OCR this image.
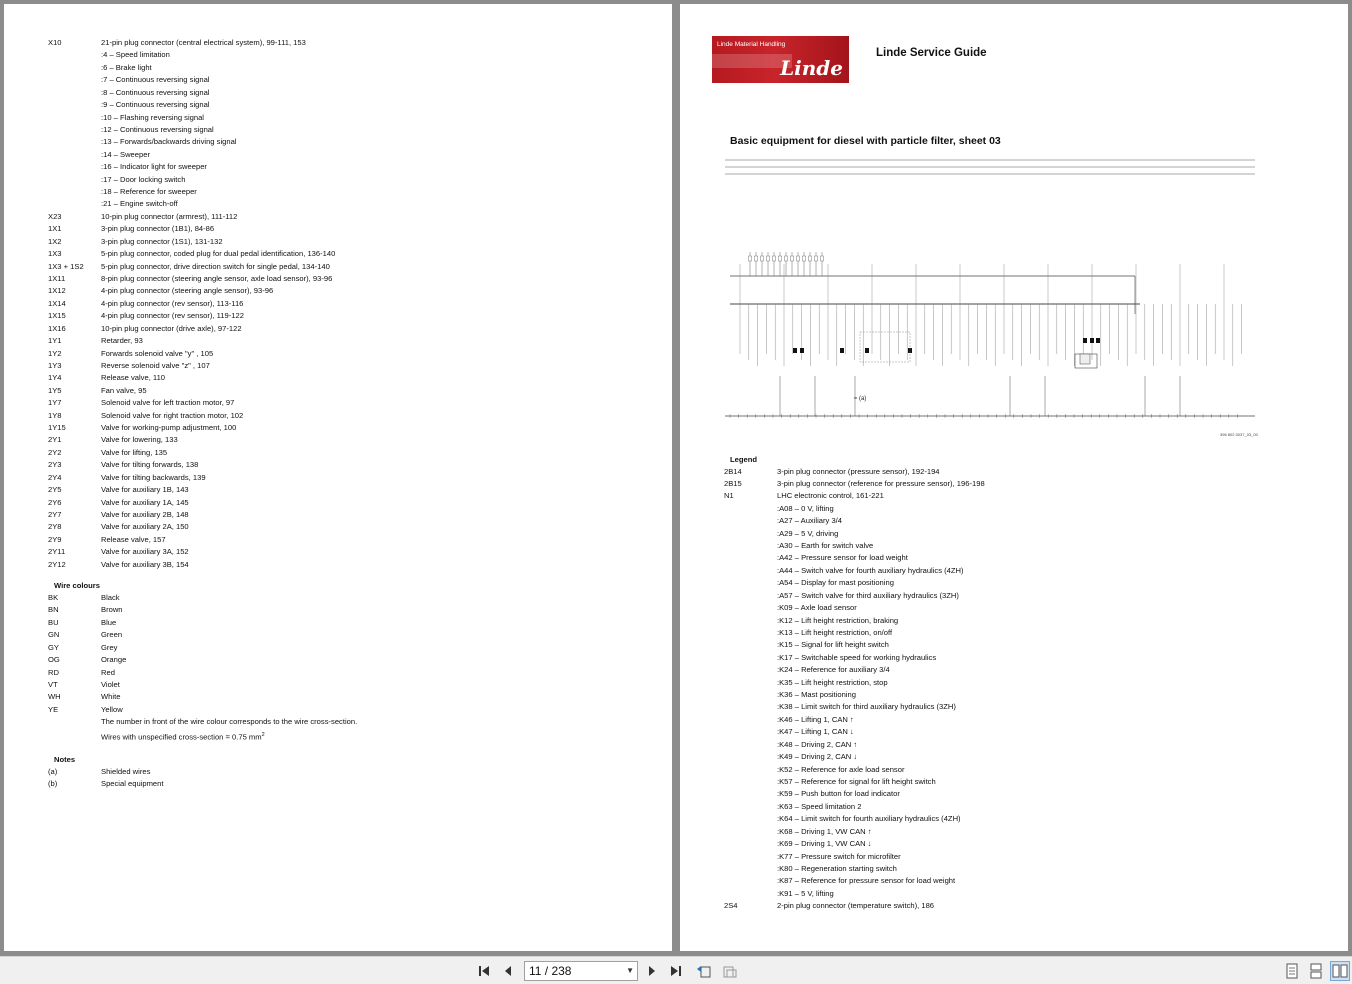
X10	21-pin plug connector (central electrical system), 99-111, 153
:4 – Speed limitation
:6 – Brake light
:7 – Continuous reversing signal
:8 – Continuous reversing signal
:9 – Continuous reversing signal
:10 – Flashing reversing signal
:12 – Continuous reversing signal
:13 – Forwards/backwards driving signal
:14 – Sweeper
:16 – Indicator light for sweeper
:17 – Door locking switch
:18 – Reference for sweeper
:21 – Engine switch-off
X23	10-pin plug connector (armrest), 111-112
1X1	3-pin plug connector (1B1), 84-86
1X2	3-pin plug connector (1S1), 131-132
1X3	5-pin plug connector, coded plug for dual pedal identification, 136-140
1X3 + 1S2	5-pin plug connector, drive direction switch for single pedal, 134-140
1X11	8-pin plug connector (steering angle sensor, axle load sensor), 93-96
1X12	4-pin plug connector (steering angle sensor), 93-96
1X14	4-pin plug connector (rev sensor), 113-116
1X15	4-pin plug connector (rev sensor), 119-122
1X16	10-pin plug connector (drive axle), 97-122
1Y1	Retarder, 93
1Y2	Forwards solenoid valve "y" , 105
1Y3	Reverse solenoid valve "z" , 107
1Y4	Release valve, 110
1Y5	Fan valve, 95
1Y7	Solenoid valve for left traction motor, 97
1Y8	Solenoid valve for right traction motor, 102
1Y15	Valve for working-pump adjustment, 100
2Y1	Valve for lowering, 133
2Y2	Valve for lifting, 135
2Y3	Valve for tilting forwards, 138
2Y4	Valve for tilting backwards, 139
2Y5	Valve for auxiliary 1B, 143
2Y6	Valve for auxiliary 1A, 145
2Y7	Valve for auxiliary 2B, 148
2Y8	Valve for auxiliary 2A, 150
2Y9	Release valve, 157
2Y11	Valve for auxiliary 3A, 152
2Y12	Valve for auxiliary 3B, 154
Wire colours
BK	Black
BN	Brown
BU	Blue
GN	Green
GY	Grey
OG	Orange
RD	Red
VT	Violet
WH	White
YE	Yellow
The number in front of the wire colour corresponds to the wire cross-section.
Wires with unspecified cross-section = 0.75 $mm^2$
Notes
(a)	Shielded wires
(b)	Special equipment
Linde Material Handling
Linde
Linde Service Guide
Basic equipment for diesel with particle filter, sheet 03
≈ (a)
396 802 0037_03_00
Legend
2B14	3-pin plug connector (pressure sensor), 192-194
2B15	3-pin plug connector (reference for pressure sensor), 196-198
N1	LHC electronic control, 161-221
:A08 – 0 V, lifting
:A27 – Auxiliary 3/4
:A29 – 5 V, driving
:A30 – Earth for switch valve
:A42 – Pressure sensor for load weight
:A44 – Switch valve for fourth auxiliary hydraulics (4ZH)
:A54 – Display for mast positioning
:A57 – Switch valve for third auxiliary hydraulics (3ZH)
:K09 – Axle load sensor
:K12 – Lift height restriction, braking
:K13 – Lift height restriction, on/off
:K15 – Signal for lift height switch
:K17 – Switchable speed for working hydraulics
:K24 – Reference for auxiliary 3/4
:K35 – Lift height restriction, stop
:K36 – Mast positioning
:K38 – Limit switch for third auxiliary hydraulics (3ZH)
:K46 – Lifting 1, CAN ↑
:K47 – Lifting 1, CAN ↓
:K48 – Driving 2, CAN ↑
:K49 – Driving 2, CAN ↓
:K52 – Reference for axle load sensor
:K57 – Reference for signal for lift height switch
:K59 – Push button for load indicator
:K63 – Speed limitation 2
:K64 – Limit switch for fourth auxiliary hydraulics (4ZH)
:K68 – Driving 1, VW CAN ↑
:K69 – Driving 1, VW CAN ↓
:K77 – Pressure switch for microfilter
:K80 – Regeneration starting switch
:K87 – Reference for pressure sensor for load weight
:K91 – 5 V, lifting
2S4	2-pin plug connector (temperature switch), 186
11 / 238	▼
